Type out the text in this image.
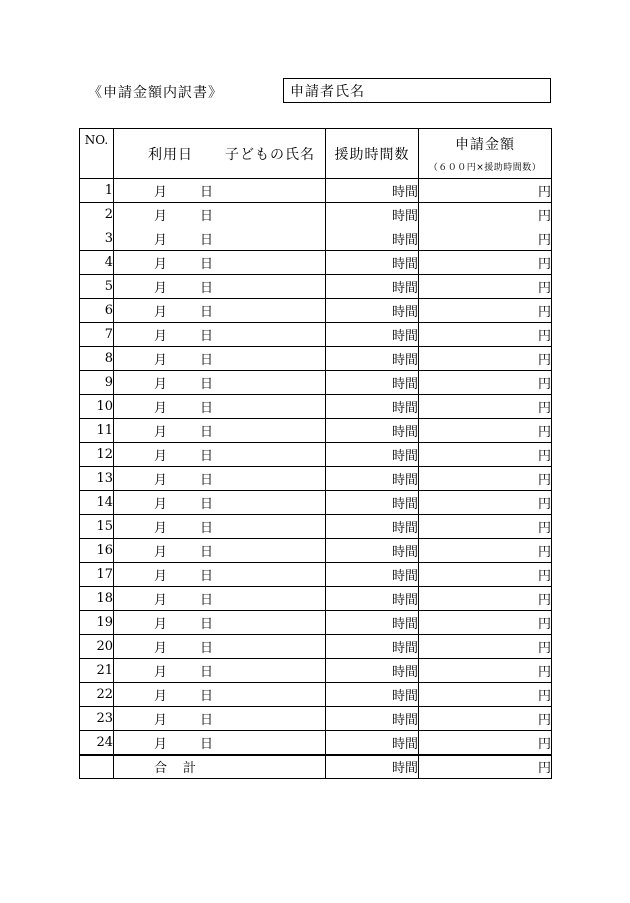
《申請金額内訳書》	申請者氏名
NO.	利用日 子どもの氏名	援助時間数	申請金額
（６００円×援助時間数）

1	月 日	時間	円
2	月 日	時間	円
3	月 日	時間	円
4	月 日	時間	円
5	月 日	時間	円
6	月 日	時間	円
7	月 日	時間	円
8	月 日	時間	円
9	月 日	時間	円
10	月 日	時間	円
11	月 日	時間	円
12	月 日	時間	円
13	月 日	時間	円
14	月 日	時間	円
15	月 日	時間	円
16	月 日	時間	円
17	月 日	時間	円
18	月 日	時間	円
19	月 日	時間	円
20	月 日	時間	円
21	月 日	時間	円
22	月 日	時間	円
23	月 日	時間	円
24	月 日	時間	円
	合計	時間	円
